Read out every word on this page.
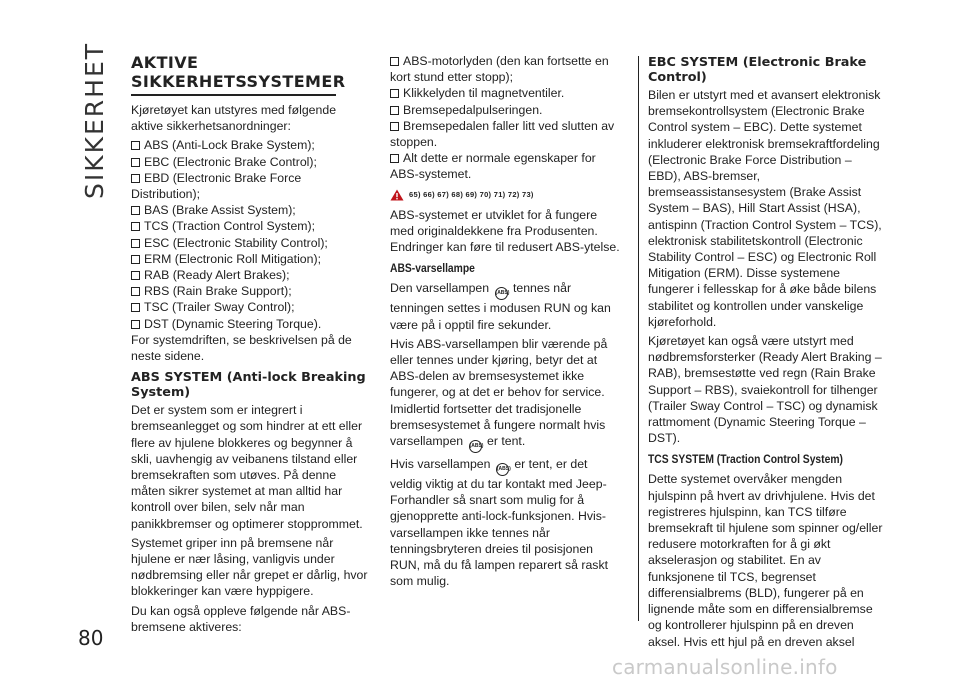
SIKKERHET
80
AKTIVE
SIKKERHETSSYSTEMER

Kjøretøyet kan utstyres med følgende aktive sikkerhetsanordninger:

ABS (Anti-Lock Brake System);
EBC (Electronic Brake Control);
EBD (Electronic Brake Force Distribution);
BAS (Brake Assist System);
TCS (Traction Control System);
ESC (Electronic Stability Control);
ERM (Electronic Roll Mitigation);
RAB (Ready Alert Brakes);
RBS (Rain Brake Support);
TSC (Trailer Sway Control);
DST (Dynamic Steering Torque).

For systemdriften, se beskrivelsen på de neste sidene.

ABS SYSTEM (Anti-lock Breaking System)

Det er system som er integrert i bremseanlegget og som hindrer at ett eller flere av hjulene blokkeres og begynner å skli, uavhengig av veibanens tilstand eller bremsekraften som utøves. På denne måten sikrer systemet at man alltid har kontroll over bilen, selv når man panikkbremser og optimerer stopprommet.

Systemet griper inn på bremsene når hjulene er nær låsing, vanligvis under nødbremsing eller når grepet er dårlig, hvor blokkeringer kan være hyppigere.

Du kan også oppleve følgende når ABS-bremsene aktiveres:

ABS-motorlyden (den kan fortsette en kort stund etter stopp);
Klikkelyden til magnetventiler.
Bremsepedalpulseringen.
Bremsepedalen faller litt ved slutten av stoppen.
Alt dette er normale egenskaper for ABS-systemet.
65) 66) 67) 68) 69) 70) 71) 72) 73)

ABS-systemet er utviklet for å fungere med originaldekkene fra Produsenten. Endringer kan føre til redusert ABS-ytelse.

ABS-varsellampe

Den varsellampen (ABS) tennes når tenningen settes i modusen RUN og kan være på i opptil fire sekunder.

Hvis ABS-varsellampen blir værende på eller tennes under kjøring, betyr det at ABS-delen av bremsesystemet ikke fungerer, og at det er behov for service. Imidlertid fortsetter det tradisjonelle bremsesystemet å fungere normalt hvis varsellampen (ABS) er tent.

Hvis varsellampen (ABS) er tent, er det veldig viktig at du tar kontakt med Jeep-Forhandler så snart som mulig for å gjenopprette anti-lock-funksjonen. Hvis-varsellampen ikke tennes når tenningsbryteren dreies til posisjonen RUN, må du få lampen reparert så raskt som mulig.

EBC SYSTEM (Electronic Brake Control)

Bilen er utstyrt med et avansert elektronisk bremsekontrollsystem (Electronic Brake Control system – EBC). Dette systemet inkluderer elektronisk bremsekraftfordeling (Electronic Brake Force Distribution – EBD), ABS-bremser, bremseassistansesystem (Brake Assist System – BAS), Hill Start Assist (HSA), antispinn (Traction Control System – TCS), elektronisk stabilitetskontroll (Electronic Stability Control – ESC) og Electronic Roll Mitigation (ERM). Disse systemene fungerer i fellesskap for å øke både bilens stabilitet og kontrollen under vanskelige kjøreforhold.

Kjøretøyet kan også være utstyrt med nødbremsforsterker (Ready Alert Braking – RAB), bremsestøtte ved regn (Rain Brake Support – RBS), svaiekontroll for tilhenger (Trailer Sway Control – TSC) og dynamisk rattmoment (Dynamic Steering Torque – DST).

TCS SYSTEM (Traction Control System)

Dette systemet overvåker mengden hjulspinn på hvert av drivhjulene. Hvis det registreres hjulspinn, kan TCS tilføre bremsekraft til hjulene som spinner og/eller redusere motorkraften for å gi økt akselerasjon og stabilitet. En av funksjonene til TCS, begrenset differensialbrems (BLD), fungerer på en lignende måte som en differensialbremse og kontrollerer hjulspinn på en dreven aksel. Hvis ett hjul på en dreven aksel

carmanualsonline.info
